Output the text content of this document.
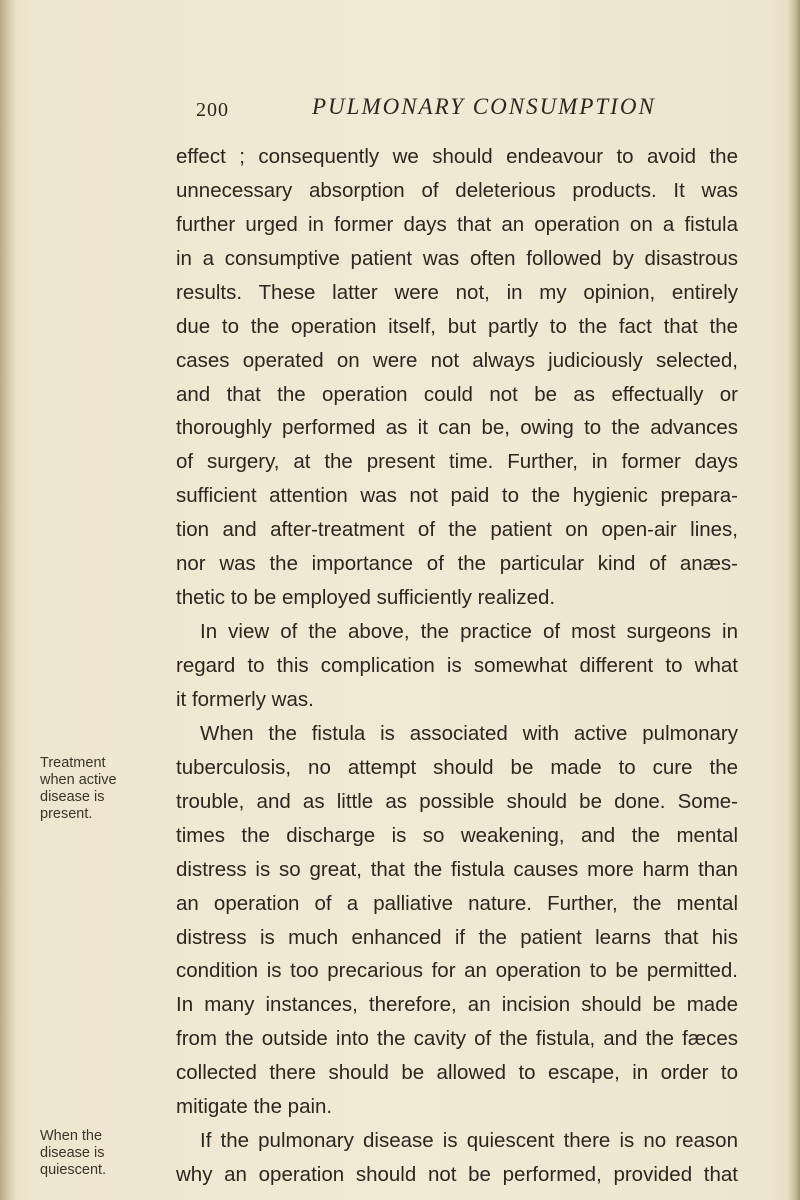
200	PULMONARY CONSUMPTION
Treatment
when active
disease is
present.
When the
disease is
quiescent.
effect ; consequently we should endeavour to avoid the
unnecessary absorption of deleterious products. It was
further urged in former days that an operation on a fistula
in a consumptive patient was often followed by disastrous
results. These latter were not, in my opinion, entirely
due to the operation itself, but partly to the fact that the
cases operated on were not always judiciously selected,
and that the operation could not be as effectually or
thoroughly performed as it can be, owing to the advances
of surgery, at the present time. Further, in former days
sufficient attention was not paid to the hygienic prepara-
tion and after-treatment of the patient on open-air lines,
nor was the importance of the particular kind of anæs-
thetic to be employed sufficiently realized.
In view of the above, the practice of most surgeons in
regard to this complication is somewhat different to what
it formerly was.
When the fistula is associated with active pulmonary
tuberculosis, no attempt should be made to cure the
trouble, and as little as possible should be done. Some-
times the discharge is so weakening, and the mental
distress is so great, that the fistula causes more harm than
an operation of a palliative nature. Further, the mental
distress is much enhanced if the patient learns that his
condition is too precarious for an operation to be permitted.
In many instances, therefore, an incision should be made
from the outside into the cavity of the fistula, and the fæces
collected there should be allowed to escape, in order to
mitigate the pain.
If the pulmonary disease is quiescent there is no reason
why an operation should not be performed, provided that
